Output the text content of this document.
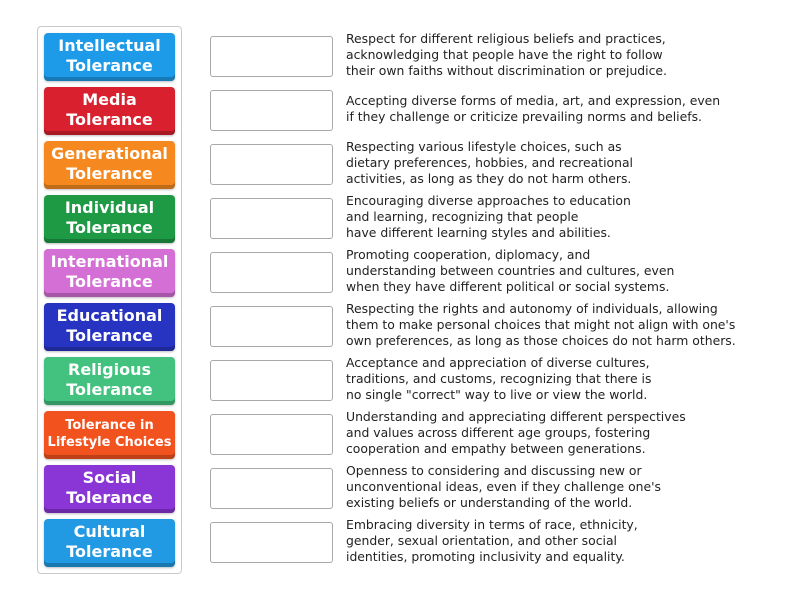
Intellectual
Tolerance
Media
Tolerance
Generational
Tolerance
Individual
Tolerance
International
Tolerance
Educational
Tolerance
Religious
Tolerance
Tolerance in
Lifestyle Choices
Social
Tolerance
Cultural
Tolerance
Respect for different religious beliefs and practices,
acknowledging that people have the right to follow
their own faiths without discrimination or prejudice.
Accepting diverse forms of media, art, and expression, even
if they challenge or criticize prevailing norms and beliefs.
Respecting various lifestyle choices, such as
dietary preferences, hobbies, and recreational
activities, as long as they do not harm others.
Encouraging diverse approaches to education
and learning, recognizing that people
have different learning styles and abilities.
Promoting cooperation, diplomacy, and
understanding between countries and cultures, even
when they have different political or social systems.
Respecting the rights and autonomy of individuals, allowing
them to make personal choices that might not align with one's
own preferences, as long as those choices do not harm others.
Acceptance and appreciation of diverse cultures,
traditions, and customs, recognizing that there is
no single "correct" way to live or view the world.
Understanding and appreciating different perspectives
and values across different age groups, fostering
cooperation and empathy between generations.
Openness to considering and discussing new or
unconventional ideas, even if they challenge one's
existing beliefs or understanding of the world.
Embracing diversity in terms of race, ethnicity,
gender, sexual orientation, and other social
identities, promoting inclusivity and equality.
